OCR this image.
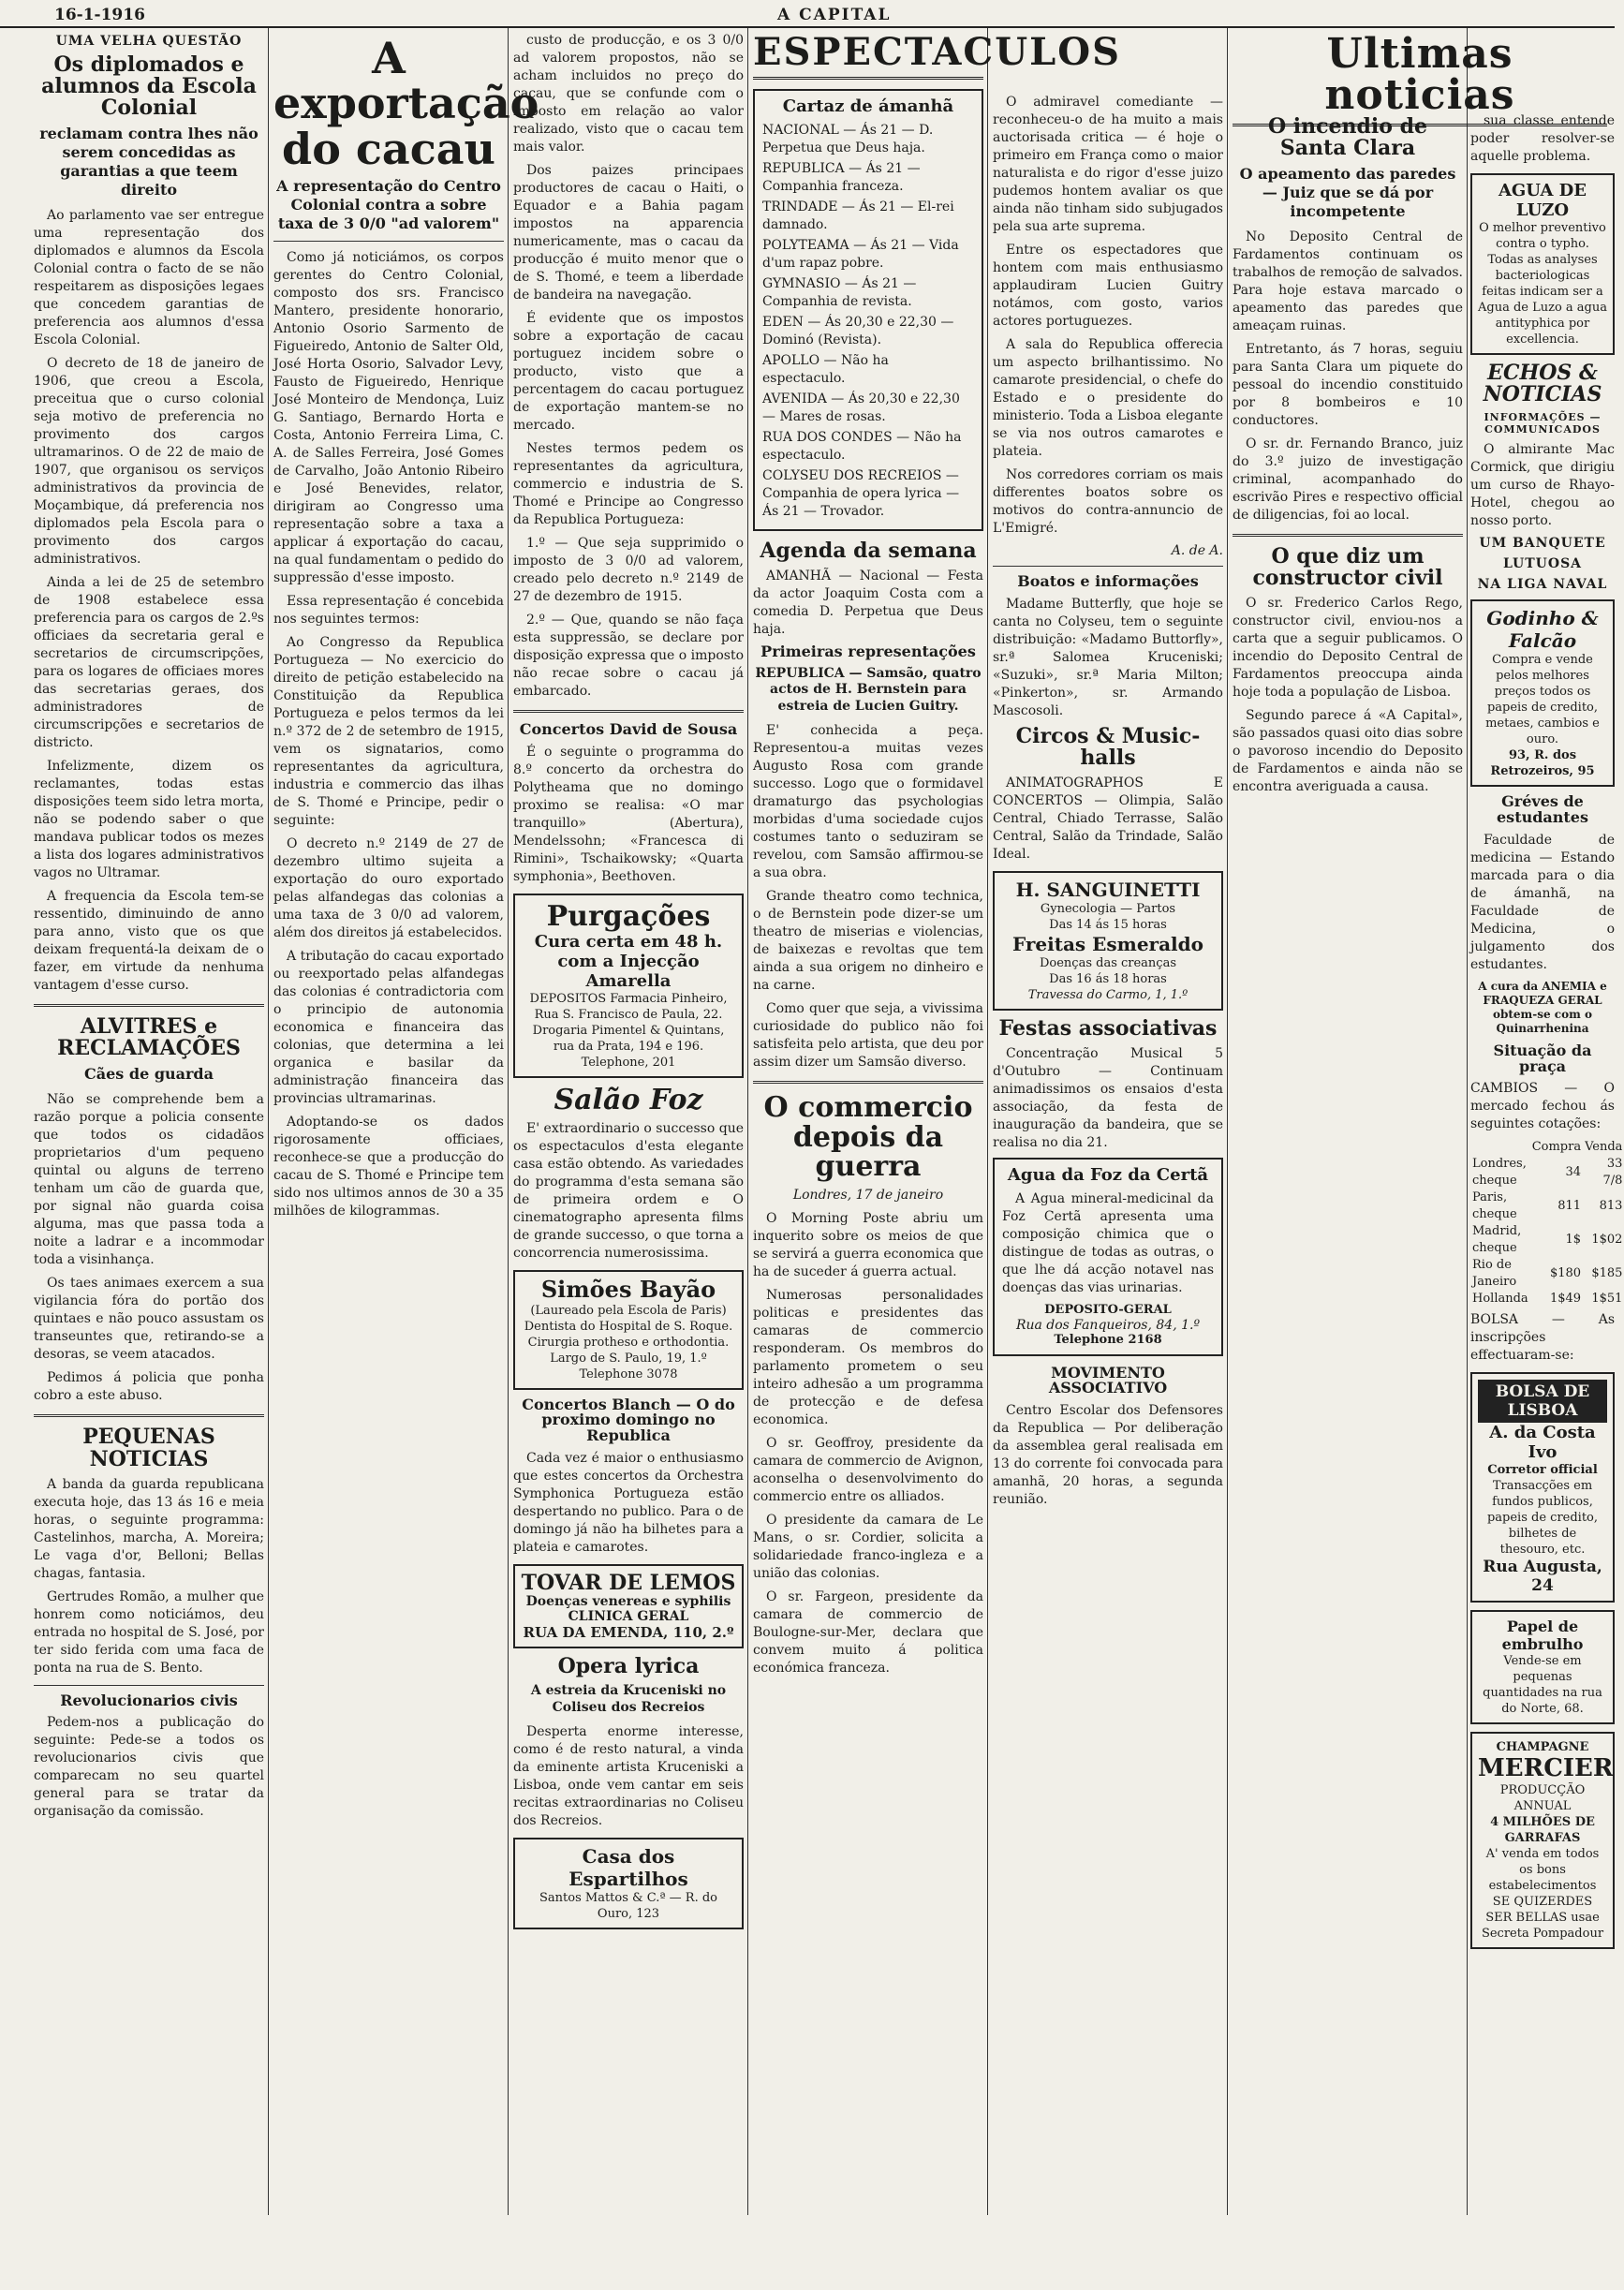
16-1-1916	A CAPITAL
UMA VELHA QUESTÃO
Os diplomados e alumnos da Escola Colonial
reclamam contra lhes não serem concedidas as garantias a que teem direito

Ao parlamento vae ser entregue uma representação dos diplomados e alumnos da Escola Colonial contra o facto de se não respeitarem as disposições legaes que concedem garantias de preferencia aos alumnos d'essa Escola Colonial.

O decreto de 18 de janeiro de 1906, que creou a Escola, preceitua que o curso colonial seja motivo de preferencia no provimento dos cargos ultramarinos. O de 22 de maio de 1907, que organisou os serviços administrativos da provincia de Moçambique, dá preferencia nos diplomados pela Escola para o provimento dos cargos administrativos.

Ainda a lei de 25 de setembro de 1908 estabelece essa preferencia para os cargos de 2.ºs officiaes da secretaria geral e secretarios de circumscripções, para os logares de officiaes mores das secretarias geraes, dos administradores de circumscripções e secretarios de districto.

Infelizmente, dizem os reclamantes, todas estas disposições teem sido letra morta, não se podendo saber o que mandava publicar todos os mezes a lista dos logares administrativos vagos no Ultramar.

A frequencia da Escola tem-se ressentido, diminuindo de anno para anno, visto que os que deixam frequentá-la deixam de o fazer, em virtude da nenhuma vantagem d'esse curso.

ALVITRES e RECLAMAÇÕES
Cães de guarda

Não se comprehende bem a razão porque a policia consente que todos os cidadãos proprietarios d'um pequeno quintal ou alguns de terreno tenham um cão de guarda que, por signal não guarda coisa alguma, mas que passa toda a noite a ladrar e a incommodar toda a visinhança.

Os taes animaes exercem a sua vigilancia fóra do portão dos quintaes e não pouco assustam os transeuntes que, retirando-se a desoras, se veem atacados.

Pedimos á policia que ponha cobro a este abuso.

PEQUENAS NOTICIAS

A banda da guarda republicana executa hoje, das 13 ás 16 e meia horas, o seguinte programma: Castelinhos, marcha, A. Moreira; Le vaga d'or, Belloni; Bellas chagas, fantasia.

Gertrudes Romão, a mulher que honrem como noticiámos, deu entrada no hospital de S. José, por ter sido ferida com uma faca de ponta na rua de S. Bento.

Revolucionarios civis

Pedem-nos a publicação do seguinte: Pede-se a todos os revolucionarios civis que comparecam no seu quartel general para se tratar da organisação da comissão.

A exportação do cacau
A representação do Centro Colonial contra a sobre taxa de 3 0/0 "ad valorem"

Como já noticiámos, os corpos gerentes do Centro Colonial, composto dos srs. Francisco Mantero, presidente honorario, Antonio Osorio Sarmento de Figueiredo, Antonio de Salter Old, José Horta Osorio, Salvador Levy, Fausto de Figueiredo, Henrique José Monteiro de Mendonça, Luiz G. Santiago, Bernardo Horta e Costa, Antonio Ferreira Lima, C. A. de Salles Ferreira, José Gomes de Carvalho, João Antonio Ribeiro e José Benevides, relator, dirigiram ao Congresso uma representação sobre a taxa a applicar á exportação do cacau, na qual fundamentam o pedido do suppressão d'esse imposto.

Essa representação é concebida nos seguintes termos:

Ao Congresso da Republica Portugueza — No exercicio do direito de petição estabelecido na Constituição da Republica Portugueza e pelos termos da lei n.º 372 de 2 de setembro de 1915, vem os signatarios, como representantes da agricultura, industria e commercio das ilhas de S. Thomé e Principe, pedir o seguinte:

O decreto n.º 2149 de 27 de dezembro ultimo sujeita a exportação do ouro exportado pelas alfandegas das colonias a uma taxa de 3 0/0 ad valorem, além dos direitos já estabelecidos.

A tributação do cacau exportado ou reexportado pelas alfandegas das colonias é contradictoria com o principio de autonomia economica e financeira das colonias, que determina a lei organica e basilar da administração financeira das provincias ultramarinas.

Adoptando-se os dados rigorosamente officiaes, reconhece-se que a producção do cacau de S. Thomé e Principe tem sido nos ultimos annos de 30 a 35 milhões de kilogrammas.

custo de producção, e os 3 0/0 ad valorem propostos, não se acham incluidos no preço do cacau, que se confunde com o imposto em relação ao valor realizado, visto que o cacau tem mais valor.

Dos paizes principaes productores de cacau o Haiti, o Equador e a Bahia pagam impostos na apparencia numericamente, mas o cacau da producção é muito menor que o de S. Thomé, e teem a liberdade de bandeira na navegação.

É evidente que os impostos sobre a exportação de cacau portuguez incidem sobre o producto, visto que a percentagem do cacau portuguez de exportação mantem-se no mercado.

Nestes termos pedem os representantes da agricultura, commercio e industria de S. Thomé e Principe ao Congresso da Republica Portugueza:

1.º — Que seja supprimido o imposto de 3 0/0 ad valorem, creado pelo decreto n.º 2149 de 27 de dezembro de 1915.

2.º — Que, quando se não faça esta suppressão, se declare por disposição expressa que o imposto não recae sobre o cacau já embarcado.

Concertos David de Sousa

É o seguinte o programma do 8.º concerto da orchestra do Polytheama que no domingo proximo se realisa: «O mar tranquillo» (Abertura), Mendelssohn; «Francesca di Rimini», Tschaikowsky; «Quarta symphonia», Beethoven.

Purgações
Cura certa em 48 h. com a Injecção Amarella
DEPOSITOS Farmacia Pinheiro, Rua S. Francisco de Paula, 22. Drogaria Pimentel & Quintans, rua da Prata, 194 e 196.
Telephone, 201
Salão Foz

E' extraordinario o successo que os espectaculos d'esta elegante casa estão obtendo. As variedades do programma d'esta semana são de primeira ordem e O cinematographo apresenta films de grande successo, o que torna a concorrencia numerosissima.

Simões Bayão
(Laureado pela Escola de Paris) Dentista do Hospital de S. Roque. Cirurgia protheso e orthodontia.
Largo de S. Paulo, 19, 1.º
Telephone 3078
Concertos Blanch — O do proximo domingo no Republica

Cada vez é maior o enthusiasmo que estes concertos da Orchestra Symphonica Portugueza estão despertando no publico. Para o de domingo já não ha bilhetes para a plateia e camarotes.

TOVAR DE LEMOS
Doenças venereas e syphilis
CLINICA GERAL
RUA DA EMENDA, 110, 2.º
Opera lyrica
A estreia da Kruceniski no Coliseu dos Recreios

Desperta enorme interesse, como é de resto natural, a vinda da eminente artista Kruceniski a Lisboa, onde vem cantar em seis recitas extraordinarias no Coliseu dos Recreios.

Casa dos Espartilhos
Santos Mattos & C.ª — R. do Ouro, 123
ESPECTACULOS
Cartaz de ámanhã
NACIONAL — Ás 21 — D. Perpetua que Deus haja.
REPUBLICA — Ás 21 — Companhia franceza.
TRINDADE — Ás 21 — El-rei damnado.
POLYTEAMA — Ás 21 — Vida d'um rapaz pobre.
GYMNASIO — Ás 21 — Companhia de revista.
EDEN — Ás 20,30 e 22,30 — Dominó (Revista).
APOLLO — Não ha espectaculo.
AVENIDA — Ás 20,30 e 22,30 — Mares de rosas.
RUA DOS CONDES — Não ha espectaculo.
COLYSEU DOS RECREIOS — Companhia de opera lyrica — Ás 21 — Trovador.
Agenda da semana

AMANHÃ — Nacional — Festa da actor Joaquim Costa com a comedia D. Perpetua que Deus haja.

Primeiras representações
REPUBLICA — Samsão, quatro actos de H. Bernstein para estreia de Lucien Guitry.

E' conhecida a peça. Representou-a muitas vezes Augusto Rosa com grande successo. Logo que o formidavel dramaturgo das psychologias morbidas d'uma sociedade cujos costumes tanto o seduziram se revelou, com Samsão affirmou-se a sua obra.

Grande theatro como technica, o de Bernstein pode dizer-se um theatro de miserias e violencias, de baixezas e revoltas que tem ainda a sua origem no dinheiro e na carne.

Como quer que seja, a vivissima curiosidade do publico não foi satisfeita pelo artista, que deu por assim dizer um Samsão diverso.

O commercio depois da guerra
Londres, 17 de janeiro

O Morning Poste abriu um inquerito sobre os meios de que se servirá a guerra economica que ha de suceder á guerra actual.

Numerosas personalidades politicas e presidentes das camaras de commercio responderam. Os membros do parlamento prometem o seu inteiro adhesão a um programma de protecção e de defesa economica.

O sr. Geoffroy, presidente da camara de commercio de Avignon, aconselha o desenvolvimento do commercio entre os alliados.

O presidente da camara de Le Mans, o sr. Cordier, solicita a solidariedade franco-ingleza e a união das colonias.

O sr. Fargeon, presidente da camara de commercio de Boulogne-sur-Mer, declara que convem muito á politica económica franceza.

O admiravel comediante — reconheceu-o de ha muito a mais auctorisada critica — é hoje o primeiro em França como o maior naturalista e do rigor d'esse juizo pudemos hontem avaliar os que ainda não tinham sido subjugados pela sua arte suprema.

Entre os espectadores que hontem com mais enthusiasmo applaudiram Lucien Guitry notámos, com gosto, varios actores portuguezes.

A sala do Republica offerecia um aspecto brilhantissimo. No camarote presidencial, o chefe do Estado e o presidente do ministerio. Toda a Lisboa elegante se via nos outros camarotes e plateia.

Nos corredores corriam os mais differentes boatos sobre os motivos do contra-annuncio de L'Emigré.

A. de A.
Boatos e informações

Madame Butterfly, que hoje se canta no Colyseu, tem o seguinte distribuição: «Madamo Buttorfly», sr.ª Salomea Kruceniski; «Suzuki», sr.ª Maria Milton; «Pinkerton», sr. Armando Mascosoli.

Circos & Music-halls

ANIMATOGRAPHOS E CONCERTOS — Olimpia, Salão Central, Chiado Terrasse, Salão Central, Salão da Trindade, Salão Ideal.

H. SANGUINETTI
Gynecologia — Partos
Das 14 ás 15 horas
Freitas Esmeraldo
Doenças das creanças
Das 16 ás 18 horas
Travessa do Carmo, 1, 1.º
Festas associativas

Concentração Musical 5 d'Outubro — Continuam animadissimos os ensaios d'esta associação, da festa de inauguração da bandeira, que se realisa no dia 21.

Agua da Foz da Certã

A Agua mineral-medicinal da Foz Certã apresenta uma composição chimica que o distingue de todas as outras, o que lhe dá acção notavel nas doenças das vias urinarias.

DEPOSITO-GERAL
Rua dos Fanqueiros, 84, 1.º
Telephone 2168
MOVIMENTO ASSOCIATIVO

Centro Escolar dos Defensores da Republica — Por deliberação da assemblea geral realisada em 13 do corrente foi convocada para amanhã, 20 horas, a segunda reunião.

Ultimas noticias
O incendio de Santa Clara
O apeamento das paredes — Juiz que se dá por incompetente

No Deposito Central de Fardamentos continuam os trabalhos de remoção de salvados. Para hoje estava marcado o apeamento das paredes que ameaçam ruinas.

Entretanto, ás 7 horas, seguiu para Santa Clara um piquete do pessoal do incendio constituido por 8 bombeiros e 10 conductores.

O sr. dr. Fernando Branco, juiz do 3.º juizo de investigação criminal, acompanhado do escrivão Pires e respectivo official de diligencias, foi ao local.

O que diz um constructor civil

O sr. Frederico Carlos Rego, constructor civil, enviou-nos a carta que a seguir publicamos. O incendio do Deposito Central de Fardamentos preoccupa ainda hoje toda a população de Lisboa.

Segundo parece á «A Capital», são passados quasi oito dias sobre o pavoroso incendio do Deposito de Fardamentos e ainda não se encontra averiguada a causa.

sua classe entende poder resolver-se aquelle problema.

AGUA DE LUZO
O melhor preventivo contra o typho. Todas as analyses bacteriologicas feitas indicam ser a Agua de Luzo a agua antityphica por excellencia.
ECHOS & NOTICIAS
INFORMAÇÕES — COMMUNICADOS

O almirante Mac Cormick, que dirigiu um curso de Rhayo-Hotel, chegou ao nosso porto.

UM BANQUETE
LUTUOSA
NA LIGA NAVAL
Godinho & Falcão
Compra e vende pelos melhores preços todos os papeis de credito, metaes, cambios e ouro.
93, R. dos Retrozeiros, 95
Gréves de estudantes

Faculdade de medicina — Estando marcada para o dia de ámanhã, na Faculdade de Medicina, o julgamento dos estudantes.

A cura da ANEMIA e FRAQUEZA GERAL obtem-se com o Quinarrhenina
Situação da praça

CAMBIOS — O mercado fechou ás seguintes cotações:

	Compra	Venda
Londres, cheque	34	33 7/8
Paris, cheque	811	813
Madrid, cheque	1$	1$02
Rio de Janeiro	$180	$185
Hollanda	1$49	1$51

BOLSA — As inscripções effectuaram-se:

BOLSA DE LISBOA
A. da Costa Ivo
Corretor official
Transacções em fundos publicos, papeis de credito, bilhetes de thesouro, etc.
Rua Augusta, 24
Papel de embrulho
Vende-se em pequenas quantidades na rua do Norte, 68.
CHAMPAGNE
MERCIER
PRODUCÇÃO ANNUAL
4 MILHÕES DE GARRAFAS
A' venda em todos os bons estabelecimentos
SE QUIZERDES SER BELLAS usae Secreta Pompadour
